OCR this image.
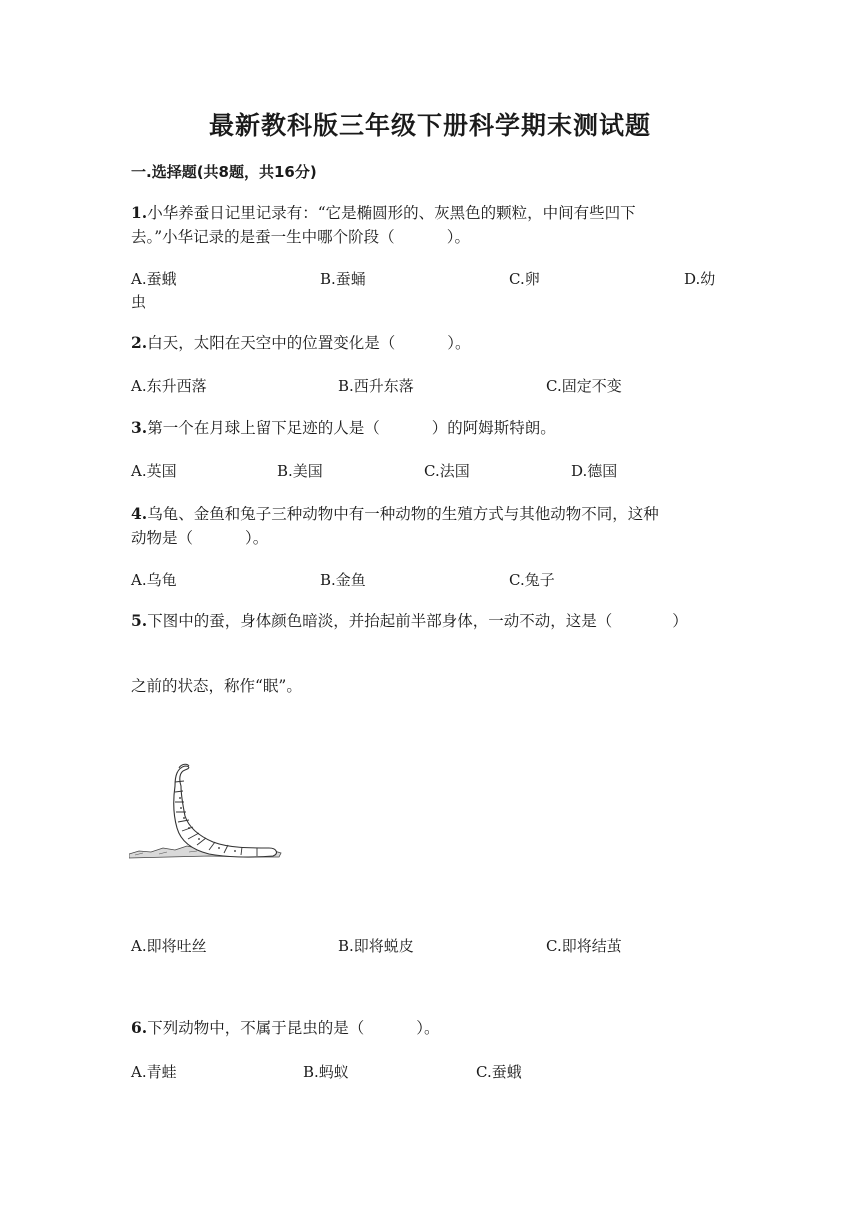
最新教科版三年级下册科学期末测试题
一.选择题(共8题，共16分)
1.小华养蚕日记里记录有：“它是椭圆形的、灰黑色的颗粒，中间有些凹下
去。”小华记录的是蚕一生中哪个阶段（	）。
A.蚕蛾	B.蚕蛹	C.卵	D.幼
虫
2.白天，太阳在天空中的位置变化是（	）。
A.东升西落	B.西升东落	C.固定不变
3.第一个在月球上留下足迹的人是（	）的阿姆斯特朗。
A.英国	B.美国	C.法国	D.德国
4.乌龟、金鱼和兔子三种动物中有一种动物的生殖方式与其他动物不同，这种
动物是（	）。
A.乌龟	B.金鱼	C.兔子
5.下图中的蚕，身体颜色暗淡，并抬起前半部身体，一动不动，这是（	）
之前的状态，称作“眠”。
A.即将吐丝	B.即将蜕皮	C.即将结茧
6.下列动物中，不属于昆虫的是（	）。
A.青蛙	B.蚂蚁	C.蚕蛾
